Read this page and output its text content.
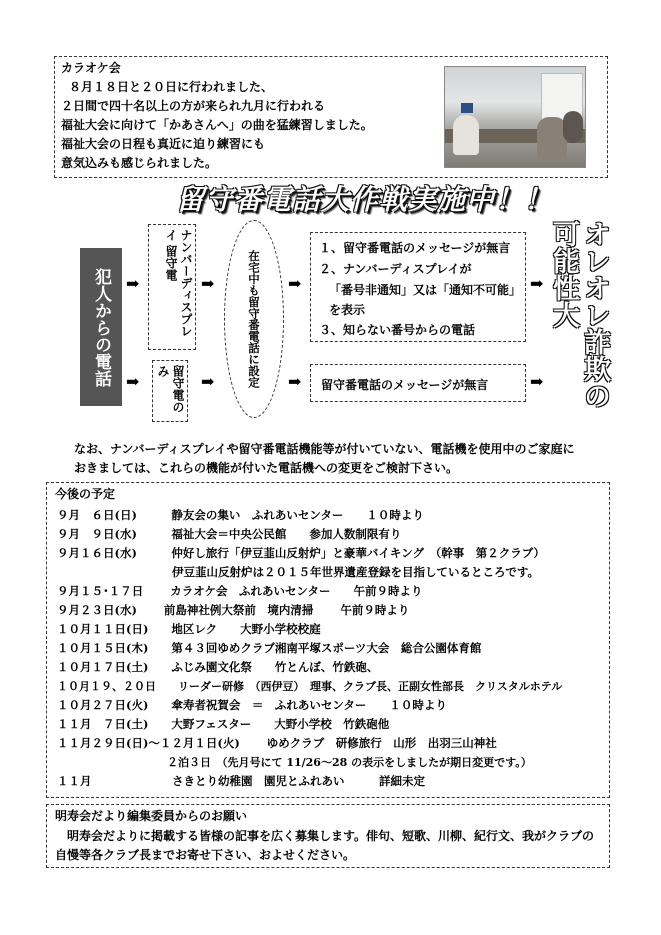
カラオケ会
８月１８日と２０日に行われました、
２日間で四十名以上の方が来られ九月に行われる
福祉大会に向けて「かあさんへ」の曲を猛練習しました。
福祉大会の日程も真近に迫り練習にも
意気込みも感じられました。
留守番電話大作戦実施中！！
犯人からの電話 ➡
➡
ナンバーディスプレイ 留守電
留守電のみ
➡
➡	在宅中も留守番電話に設定	➡
➡
１、留守番電話のメッセージが無言
２、ナンバーディスプレイが
「番号非通知」又は「通知不可能」
を表示
３、知らない番号からの電話
留守番電話のメッセージが無言
➡
➡	オレオレ詐欺の可能性大
なお、ナンバーディスプレイや留守番電話機能等が付いていない、電話機を使用中のご家庭に
おきましては、これらの機能が付いた電話機への変更をご検討下さい。
今後の予定
９月　６日(日)　　　静友会の集い　ふれあいセンター　　１０時より
９月　９日(水)　　　福祉大会＝中央公民館　　参加人数制限有り
９月１６日(水)　　　仲好し旅行「伊豆韮山反射炉」と豪華バイキング　（幹事　第２クラブ）
　　　　　　　　　　伊豆韮山反射炉は２０１５年世界遺産登録を目指しているところです。
９月１５･１７日　　 カラオケ会　ふれあいセンター　　午前９時より
９月２３日(水)　　 前島神社例大祭前　境内清掃　　 午前９時より
１０月１１日(日)　　地区レク　　大野小学校校庭
１０月１５日(木)　　第４３回ゆめクラブ湘南平塚スポーツ大会　総合公園体育館
１０月１７日(土)　　ふじみ園文化祭　　竹とんぼ、竹鉄砲、
１０月１９、２０日　　リーダー研修　（西伊豆）　理事、クラブ長、正副女性部長　クリスタルホテル
１０月２７日(火)　　傘寿者祝賀会　＝　ふれあいセンター　　１０時より
１１月　７日(土)　　大野フェスター　　大野小学校　竹鉄砲他
１１月２９日(日)～１２月１日(火)　　 ゆめクラブ　研修旅行　山形　出羽三山神社
　　　　　　　　　　２泊３日　（先月号にて 11/26～28 の表示をしましたが期日変更です。）
１１月　　　　　　　さきとり幼稚園　園児とふれあい　　　詳細未定
明寿会だより編集委員からのお願い
明寿会だよりに掲載する皆様の記事を広く募集します。俳句、短歌、川柳、紀行文、我がクラブの
自慢等各クラブ長までお寄せ下さい、およせください。
